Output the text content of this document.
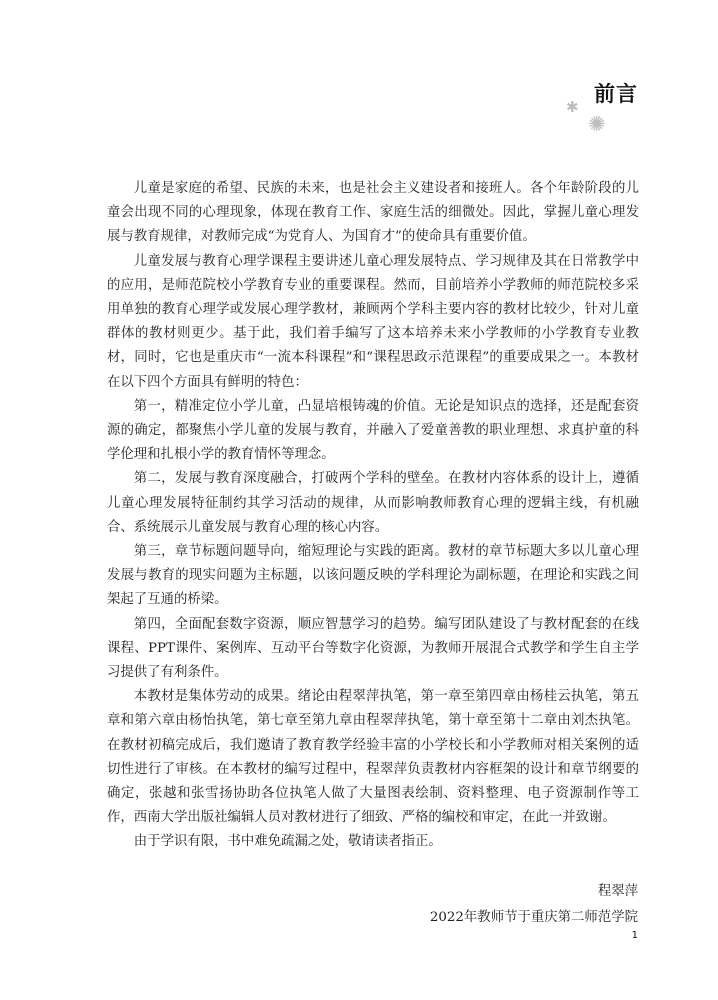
前言
✱
✺

儿童是家庭的希望、民族的未来，也是社会主义建设者和接班人。各个年龄阶段的儿童会出现不同的心理现象，体现在教育工作、家庭生活的细微处。因此，掌握儿童心理发展与教育规律，对教师完成“为党育人、为国育才”的使命具有重要价值。

儿童发展与教育心理学课程主要讲述儿童心理发展特点、学习规律及其在日常教学中的应用，是师范院校小学教育专业的重要课程。然而，目前培养小学教师的师范院校多采用单独的教育心理学或发展心理学教材，兼顾两个学科主要内容的教材比较少，针对儿童群体的教材则更少。基于此，我们着手编写了这本培养未来小学教师的小学教育专业教材，同时，它也是重庆市“一流本科课程”和“课程思政示范课程”的重要成果之一。本教材在以下四个方面具有鲜明的特色：

第一，精准定位小学儿童，凸显培根铸魂的价值。无论是知识点的选择，还是配套资源的确定，都聚焦小学儿童的发展与教育，并融入了爱童善教的职业理想、求真护童的科学伦理和扎根小学的教育情怀等理念。

第二，发展与教育深度融合，打破两个学科的壁垒。在教材内容体系的设计上，遵循儿童心理发展特征制约其学习活动的规律，从而影响教师教育心理的逻辑主线，有机融合、系统展示儿童发展与教育心理的核心内容。

第三，章节标题问题导向，缩短理论与实践的距离。教材的章节标题大多以儿童心理发展与教育的现实问题为主标题，以该问题反映的学科理论为副标题，在理论和实践之间架起了互通的桥梁。

第四，全面配套数字资源，顺应智慧学习的趋势。编写团队建设了与教材配套的在线课程、PPT课件、案例库、互动平台等数字化资源，为教师开展混合式教学和学生自主学习提供了有利条件。

本教材是集体劳动的成果。绪论由程翠萍执笔，第一章至第四章由杨桂云执笔，第五章和第六章由杨怡执笔，第七章至第九章由程翠萍执笔，第十章至第十二章由刘杰执笔。在教材初稿完成后，我们邀请了教育教学经验丰富的小学校长和小学教师对相关案例的适切性进行了审核。在本教材的编写过程中，程翠萍负责教材内容框架的设计和章节纲要的确定，张越和张雪扬协助各位执笔人做了大量图表绘制、资料整理、电子资源制作等工作，西南大学出版社编辑人员对教材进行了细致、严格的编校和审定，在此一并致谢。

由于学识有限，书中难免疏漏之处，敬请读者指正。

程翠萍
2022年教师节于重庆第二师范学院
1
